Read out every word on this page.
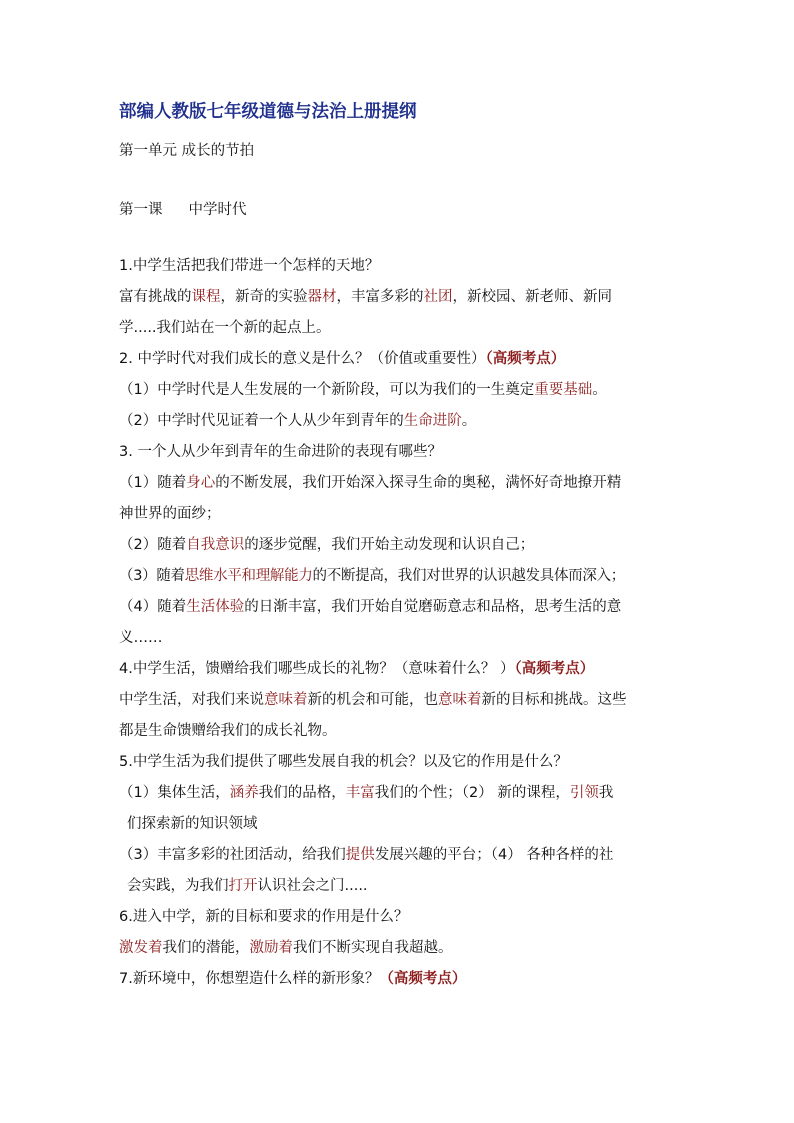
部编人教版七年级道德与法治上册提纲
第一单元 成长的节拍
第一课 中学时代
1.中学生活把我们带进一个怎样的天地？
富有挑战的课程，新奇的实验器材，丰富多彩的社团，新校园、新老师、新同
学.....我们站在一个新的起点上。
2. 中学时代对我们成长的意义是什么？（价值或重要性）（高频考点）
（1）中学时代是人生发展的一个新阶段，可以为我们的一生奠定重要基础。
（2）中学时代见证着一个人从少年到青年的生命进阶。
3. 一个人从少年到青年的生命进阶的表现有哪些？
（1）随着身心的不断发展，我们开始深入探寻生命的奥秘，满怀好奇地撩开精
神世界的面纱；
（2）随着自我意识的逐步觉醒，我们开始主动发现和认识自己；
（3）随着思维水平和理解能力的不断提高，我们对世界的认识越发具体而深入；
（4）随着生活体验的日渐丰富，我们开始自觉磨砺意志和品格，思考生活的意
义……
4.中学生活，馈赠给我们哪些成长的礼物？（意味着什么？ ）（高频考点）
中学生活，对我们来说意味着新的机会和可能，也意味着新的目标和挑战。这些
都是生命馈赠给我们的成长礼物。
5.中学生活为我们提供了哪些发展自我的机会？以及它的作用是什么？
（1）集体生活，涵养我们的品格，丰富我们的个性；（2） 新的课程，引领我
们探索新的知识领域
（3）丰富多彩的社团活动，给我们提供发展兴趣的平台；（4） 各种各样的社
会实践，为我们打开认识社会之门.....
6.进入中学，新的目标和要求的作用是什么？
激发着我们的潜能，激励着我们不断实现自我超越。
7.新环境中，你想塑造什么样的新形象？（高频考点）
